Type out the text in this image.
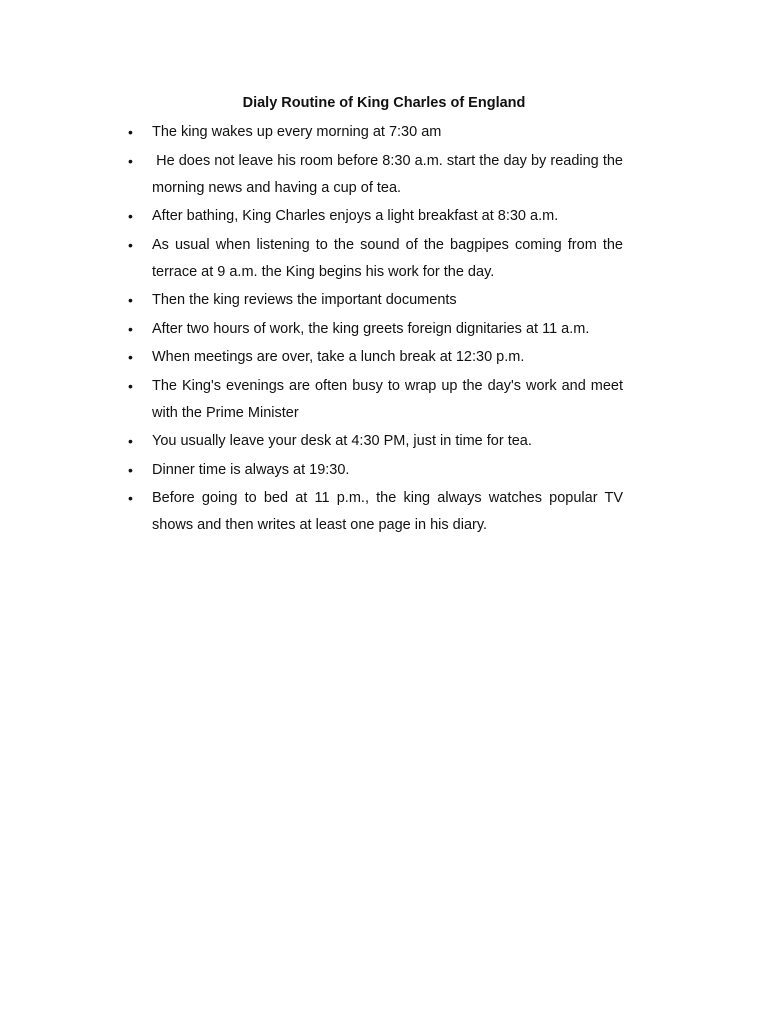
Dialy Routine of King Charles of England
• The king wakes up every morning at 7:30 am
• He does not leave his room before 8:30 a.m. start the day by reading the morning news and having a cup of tea.
• After bathing, King Charles enjoys a light breakfast at 8:30 a.m.
• As usual when listening to the sound of the bagpipes coming from the terrace at 9 a.m. the King begins his work for the day.
• Then the king reviews the important documents
• After two hours of work, the king greets foreign dignitaries at 11 a.m.
• When meetings are over, take a lunch break at 12:30 p.m.
• The King's evenings are often busy to wrap up the day's work and meet with the Prime Minister
• You usually leave your desk at 4:30 PM, just in time for tea.
• Dinner time is always at 19:30.
• Before going to bed at 11 p.m., the king always watches popular TV shows and then writes at least one page in his diary.
